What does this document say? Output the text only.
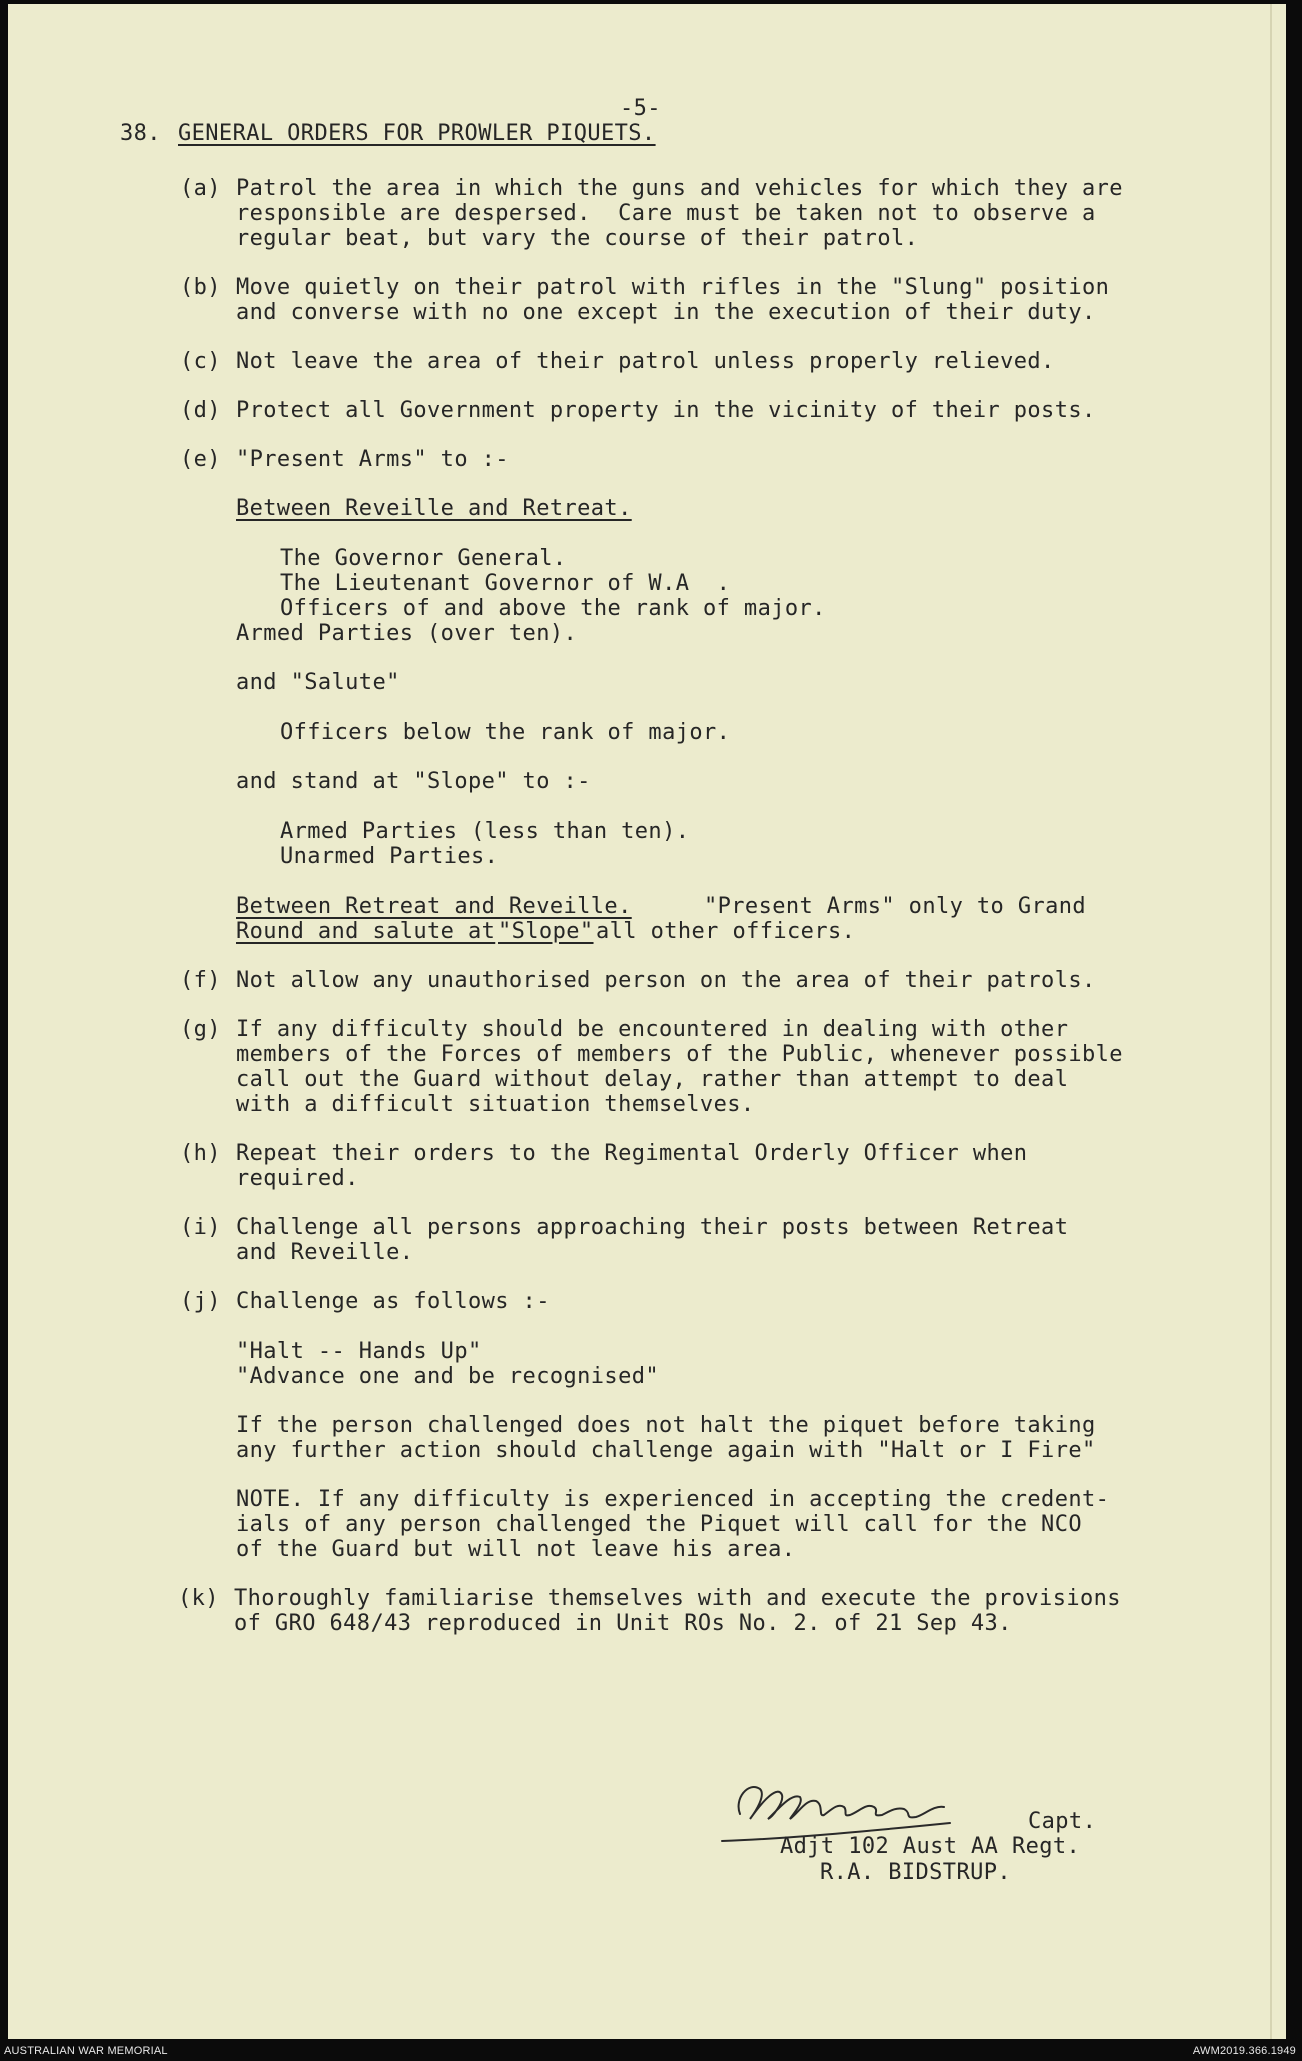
-5-
38. GENERAL ORDERS FOR PROWLER PIQUETS.
(a) Patrol the area in which the guns and vehicles for which they are
responsible are despersed.  Care must be taken not to observe a
regular beat, but vary the course of their patrol.
(b) Move quietly on their patrol with rifles in the "Slung" position
and converse with no one except in the execution of their duty.
(c) Not leave the area of their patrol unless properly relieved.
(d) Protect all Government property in the vicinity of their posts.
(e) "Present Arms" to :-
Between Reveille and Retreat.
The Governor General.
The Lieutenant Governor of W.A  .
Officers of and above the rank of major.
Armed Parties (over ten).
and "Salute"
Officers below the rank of major.
and stand at "Slope" to :-
Armed Parties (less than ten).
Unarmed Parties.
Between Retreat and Reveille.	"Present Arms" only to Grand
Round and salute at "Slope" all other officers.
(f) Not allow any unauthorised person on the area of their patrols.
(g) If any difficulty should be encountered in dealing with other
members of the Forces of members of the Public, whenever possible
call out the Guard without delay, rather than attempt to deal
with a difficult situation themselves.
(h) Repeat their orders to the Regimental Orderly Officer when
required.
(i) Challenge all persons approaching their posts between Retreat
and Reveille.
(j) Challenge as follows :-
"Halt -- Hands Up"
"Advance one and be recognised"
If the person challenged does not halt the piquet before taking
any further action should challenge again with "Halt or I Fire"
NOTE. If any difficulty is experienced in accepting the credent-
ials of any person challenged the Piquet will call for the NCO
of the Guard but will not leave his area.
(k) Thoroughly familiarise themselves with and execute the provisions
of GRO 648/43 reproduced in Unit ROs No. 2. of 21 Sep 43.
Capt.
Adjt 102 Aust AA Regt.
R.A. BIDSTRUP.
AUSTRALIAN WAR MEMORIAL	AWM2019.366.1949
